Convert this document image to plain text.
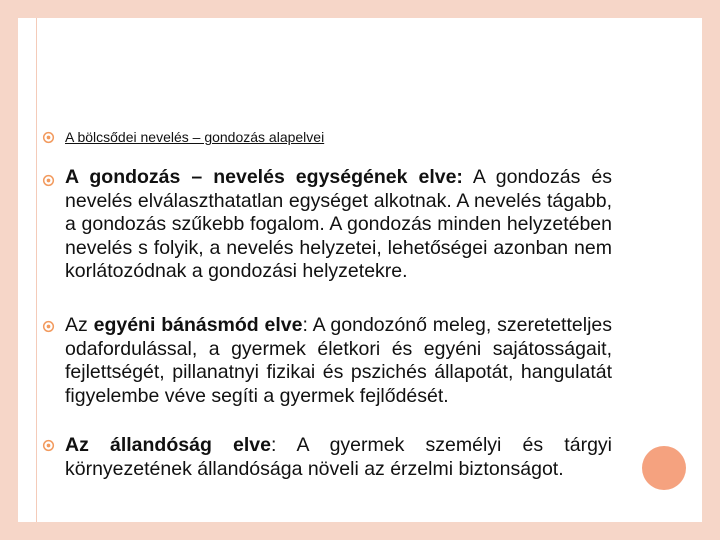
A bölcsődei nevelés – gondozás alapelvei
A gondozás – nevelés egységének elve: A gondozás és nevelés elválaszthatatlan egységet alkotnak. A nevelés tágabb, a gondozás szűkebb fogalom. A gondozás minden helyzetében nevelés s folyik, a nevelés helyzetei, lehetőségei azonban nem korlátozódnak a gondozási helyzetekre.
Az egyéni bánásmód elve: A gondozónő meleg, szeretetteljes odafordulással, a gyermek életkori és egyéni sajátosságait, fejlettségét, pillanatnyi fizikai és pszichés állapotát, hangulatát figyelembe véve segíti a gyermek fejlődését.
Az állandóság elve: A gyermek személyi és tárgyi környezetének állandósága növeli az érzelmi biztonságot.
